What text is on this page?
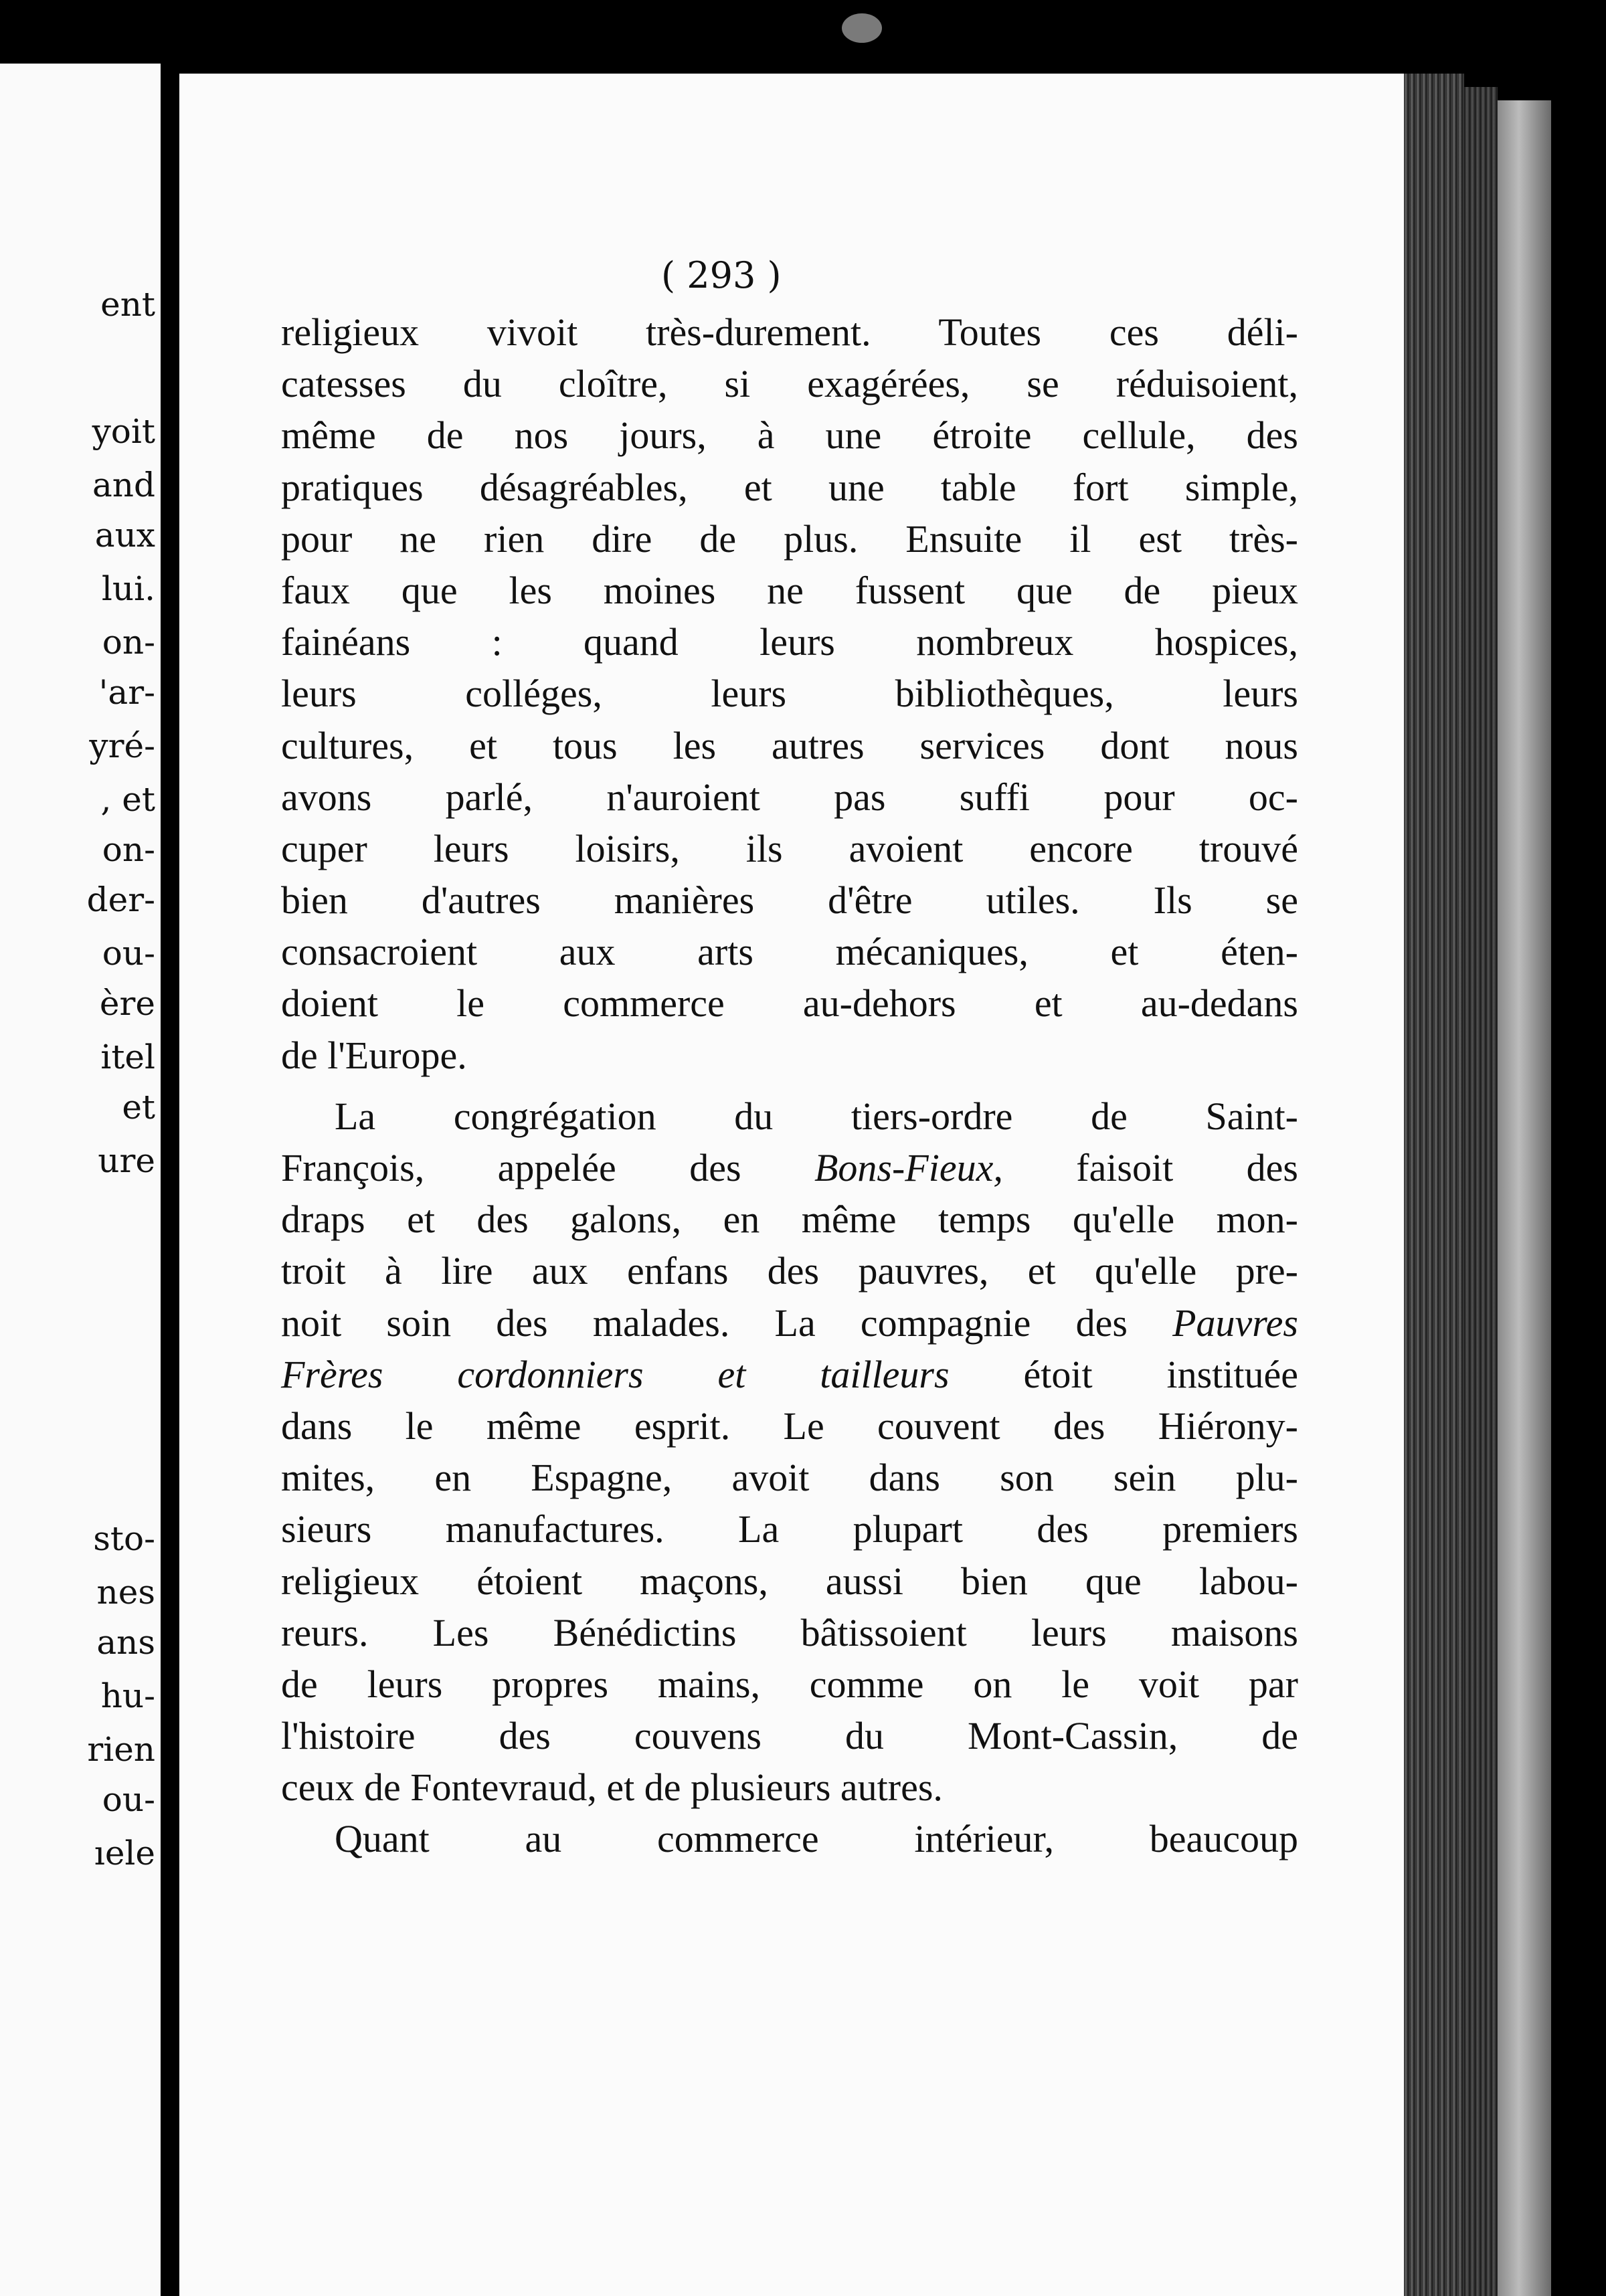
ent
yoit
and
aux
lui.
on-
'ar-
yré-
, et
on-
der-
ou-
ère
itel
et
ure
sto-
nes
ans
hu-
rien
ou-
ıele
( 293 )
religieux vivoit très-durement. Toutes ces déli-
catesses du cloître, si exagérées, se réduisoient,
même de nos jours, à une étroite cellule, des
pratiques désagréables, et une table fort simple,
pour ne rien dire de plus. Ensuite il est très-
faux que les moines ne fussent que de pieux
fainéans : quand leurs nombreux hospices,
leurs colléges, leurs bibliothèques, leurs
cultures, et tous les autres services dont nous
avons parlé, n'auroient pas suffi pour oc-
cuper leurs loisirs, ils avoient encore trouvé
bien d'autres manières d'être utiles. Ils se
consacroient aux arts mécaniques, et éten-
doient le commerce au-dehors et au-dedans
de l'Europe.
La congrégation du tiers-ordre de Saint-
François, appelée des Bons-Fieux, faisoit des
draps et des galons, en même temps qu'elle mon-
troit à lire aux enfans des pauvres, et qu'elle pre-
noit soin des malades. La compagnie des Pauvres
Frères cordonniers et tailleurs étoit instituée
dans le même esprit. Le couvent des Hiérony-
mites, en Espagne, avoit dans son sein plu-
sieurs manufactures. La plupart des premiers
religieux étoient maçons, aussi bien que labou-
reurs. Les Bénédictins bâtissoient leurs maisons
de leurs propres mains, comme on le voit par
l'histoire des couvens du Mont-Cassin, de
ceux de Fontevraud, et de plusieurs autres.
Quant au commerce intérieur, beaucoup
